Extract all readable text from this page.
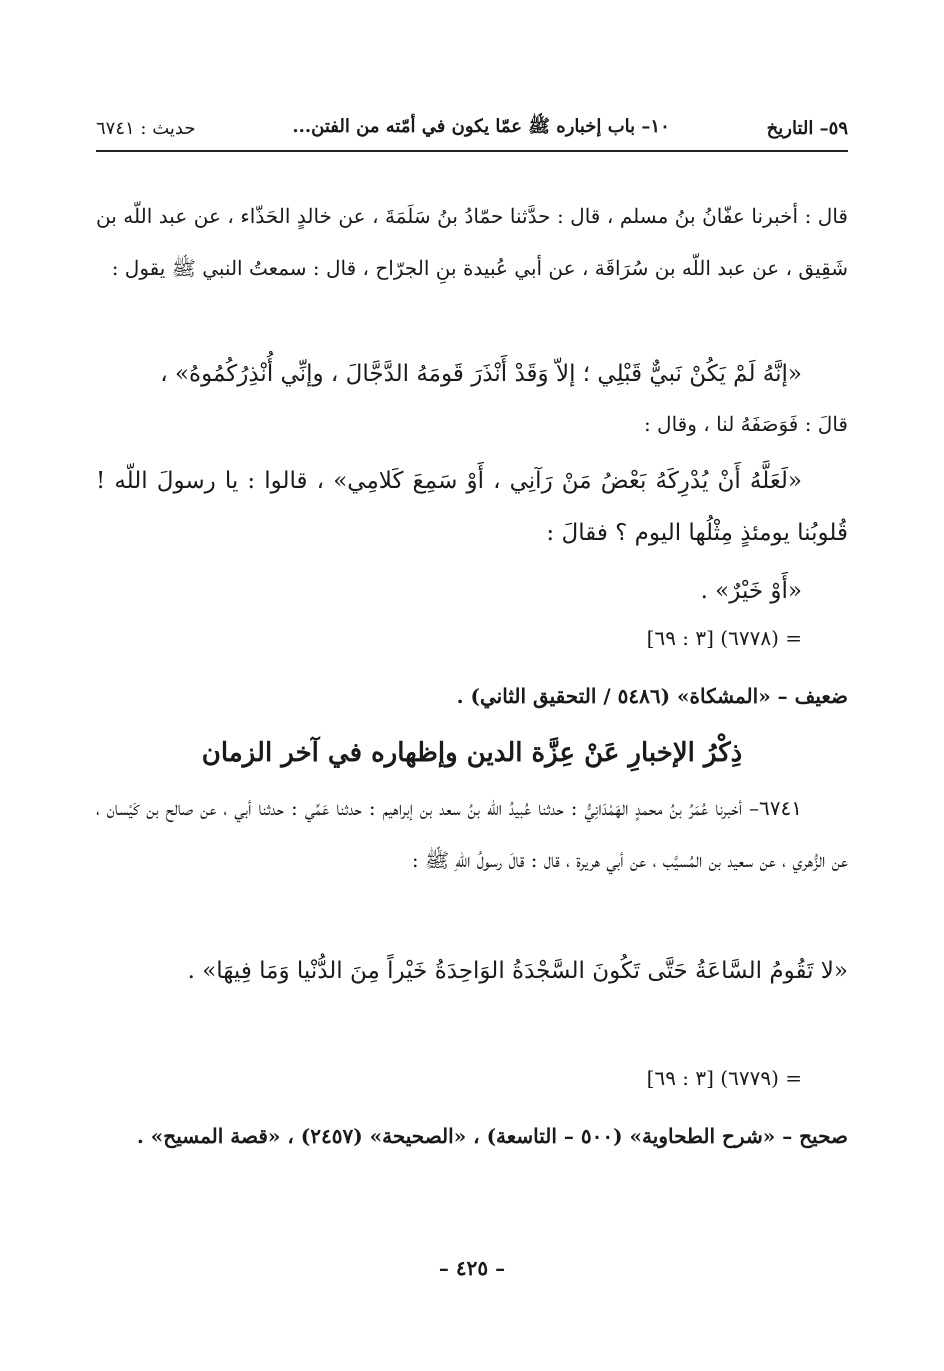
٥٩– التاريخ
١٠– باب إخباره ﷺ عمّا يكون في أمّته من الفتن...
حديث : ٦٧٤١
قال : أخبرنا عفّانُ بنُ مسلم ، قال : حدَّثنا حمّادُ بنُ سَلَمَةَ ، عن خالدٍ الحَذّاء ، عن عبد اللّه بن شَقِيق ، عن عبد اللّه بن سُرَاقَة ، عن أبي عُبيدة بنِ الجرّاح ، قال : سمعتُ النبي ﷺ يقول :
«إنَّهُ لَمْ يَكُنْ نَبيٌّ قَبْلِي ؛ إلاّ وَقَدْ أَنْذَرَ قَومَهُ الدَّجَّالَ ، وإنِّي أُنْذِرُكُمُوهُ» ،
قالَ : فَوَصَفَهُ لنا ، وقال :
«لَعَلَّهُ أَنْ يُدْرِكَهُ بَعْضُ مَنْ رَآنِي ، أَوْ سَمِعَ كَلامِي» ، قالوا : يا رسولَ اللّه ! قُلوبُنا يومئذٍ مِثْلُها اليوم ؟ فقالَ :
«أَوْ خَيْرٌ» .
= (٦٧٧٨) [٣ : ٦٩]
ضعيف – «المشكاة» (٥٤٨٦ / التحقيق الثاني) .
ذِكْرُ الإخبارِ عَنْ عِزَّة الدين وإظهاره في آخر الزمان
٦٧٤١– أخبرنا عُمَرُ بنُ محمدٍ الهَمْدَانِيُّ : حدثنا عُبيدُ اللّه بنُ سعد بن إبراهيم : حدثنا عَمِّي : حدثنا أبي ، عن صالح بن كَيْسان ، عن الزُّهري ، عن سعيد بن المُسيَّب ، عن أبي هريرة ، قال : قالَ رسولُ اللّهِ ﷺ :
«لا تَقُومُ السَّاعَةُ حَتَّى تَكُونَ السَّجْدَةُ الوَاحِدَةُ خَيْراً مِنَ الدُّنْيا وَمَا فِيهَا» .
= (٦٧٧٩) [٣ : ٦٩]
صحيح – «شرح الطحاوية» (٥٠٠ – التاسعة) ، «الصحيحة» (٢٤٥٧) ، «قصة المسيح» .
– ٤٢٥ –
